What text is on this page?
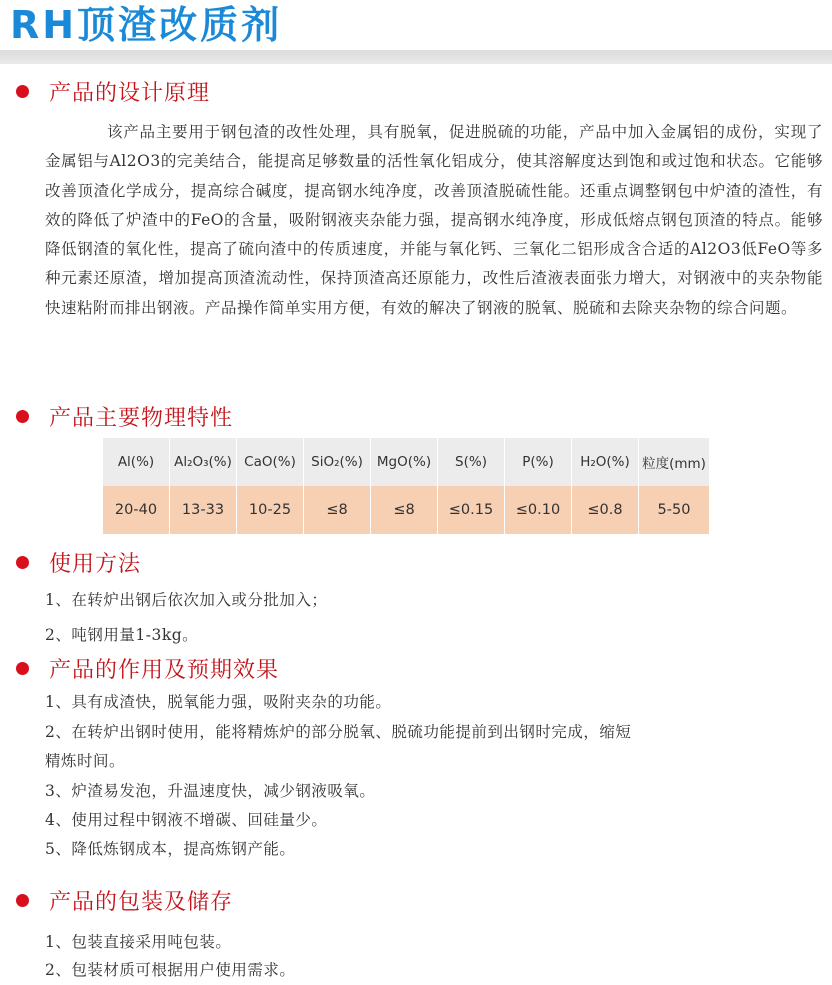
RH顶渣改质剂
产品的设计原理

该产品主要用于钢包渣的改性处理，具有脱氧，促进脱硫的功能，产品中加入金属铝的成份，实现了金属铝与Al2O3的完美结合，能提高足够数量的活性氧化铝成分，使其溶解度达到饱和或过饱和状态。它能够改善顶渣化学成分，提高综合碱度，提高钢水纯净度，改善顶渣脱硫性能。还重点调整钢包中炉渣的渣性，有效的降低了炉渣中的FeO的含量，吸附钢液夹杂能力强，提高钢水纯净度，形成低熔点钢包顶渣的特点。能够降低钢渣的氧化性，提高了硫向渣中的传质速度，并能与氧化钙、三氧化二铝形成含合适的Al2O3低FeO等多种元素还原渣，增加提高顶渣流动性，保持顶渣高还原能力，改性后渣液表面张力增大，对钢液中的夹杂物能快速粘附而排出钢液。产品操作简单实用方便，有效的解决了钢液的脱氧、脱硫和去除夹杂物的综合问题。

产品主要物理特性
Al(%)	Al₂O₃(%)	CaO(%)	SiO₂(%)	MgO(%)	S(%)	P(%)	H₂O(%)	粒度(mm)
20-40	13-33	10-25	≤8	≤8	≤0.15	≤0.10	≤0.8	5-50
使用方法

1、在转炉出钢后依次加入或分批加入；

2、吨钢用量1-3kg。

产品的作用及预期效果

1、具有成渣快，脱氧能力强，吸附夹杂的功能。

2、在转炉出钢时使用，能将精炼炉的部分脱氧、脱硫功能提前到出钢时完成，缩短

精炼时间。

3、炉渣易发泡，升温速度快，减少钢液吸氧。

4、使用过程中钢液不增碳、回硅量少。

5、降低炼钢成本，提高炼钢产能。

产品的包装及储存

1、包装直接采用吨包装。

2、包装材质可根据用户使用需求。
